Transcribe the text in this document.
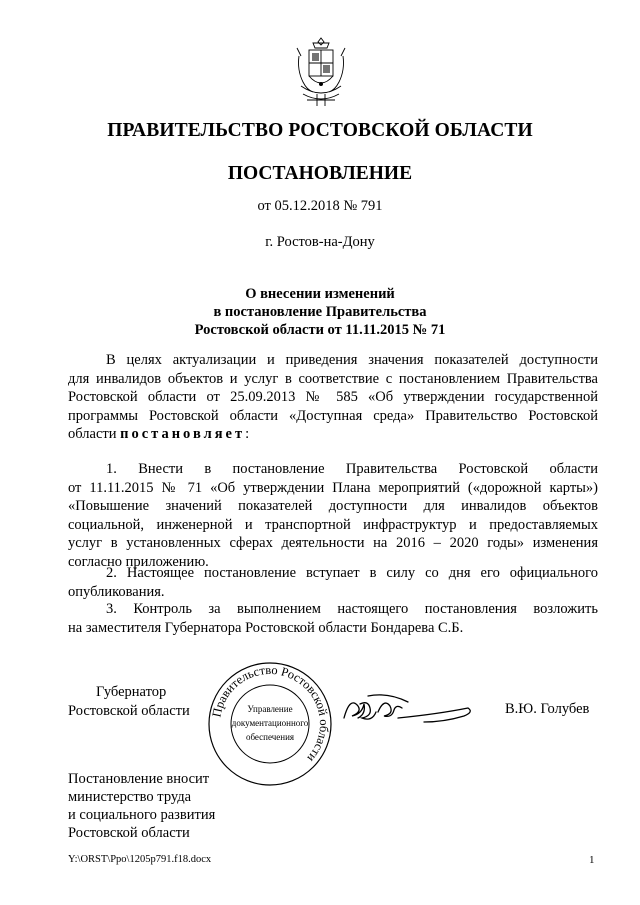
ПРАВИТЕЛЬСТВО РОСТОВСКОЙ ОБЛАСТИ
ПОСТАНОВЛЕНИЕ
от 05.12.2018 № 791
г. Ростов-на-Дону
О внесении изменений
в постановление Правительства
Ростовской области от 11.11.2015 № 71
В целях актуализации и приведения значения показателей доступности
для инвалидов объектов и услуг в соответствие с постановлением Правительства
Ростовской области от 25.09.2013 № 585 «Об утверждении государственной
программы Ростовской области «Доступная среда» Правительство Ростовской
области постановляет:
1. Внести в постановление Правительства Ростовской области
от 11.11.2015 № 71 «Об утверждении Плана мероприятий («дорожной карты»)
«Повышение значений показателей доступности для инвалидов объектов
социальной, инженерной и транспортной инфраструктур и предоставляемых
услуг в установленных сферах деятельности на 2016 – 2020 годы» изменения
согласно приложению.
2. Настоящее постановление вступает в силу со дня его официального
опубликования.
3. Контроль за выполнением настоящего постановления возложить
на заместителя Губернатора Ростовской области Бондарева С.Б.
Губернатор
Ростовской области Правительство Ростовской области
Управление
документационного
обеспечения
В.Ю. Голубев
Постановление вносит
министерство труда
и социального развития
Ростовской области
Y:\ORST\Ppo\1205p791.f18.docx	1
